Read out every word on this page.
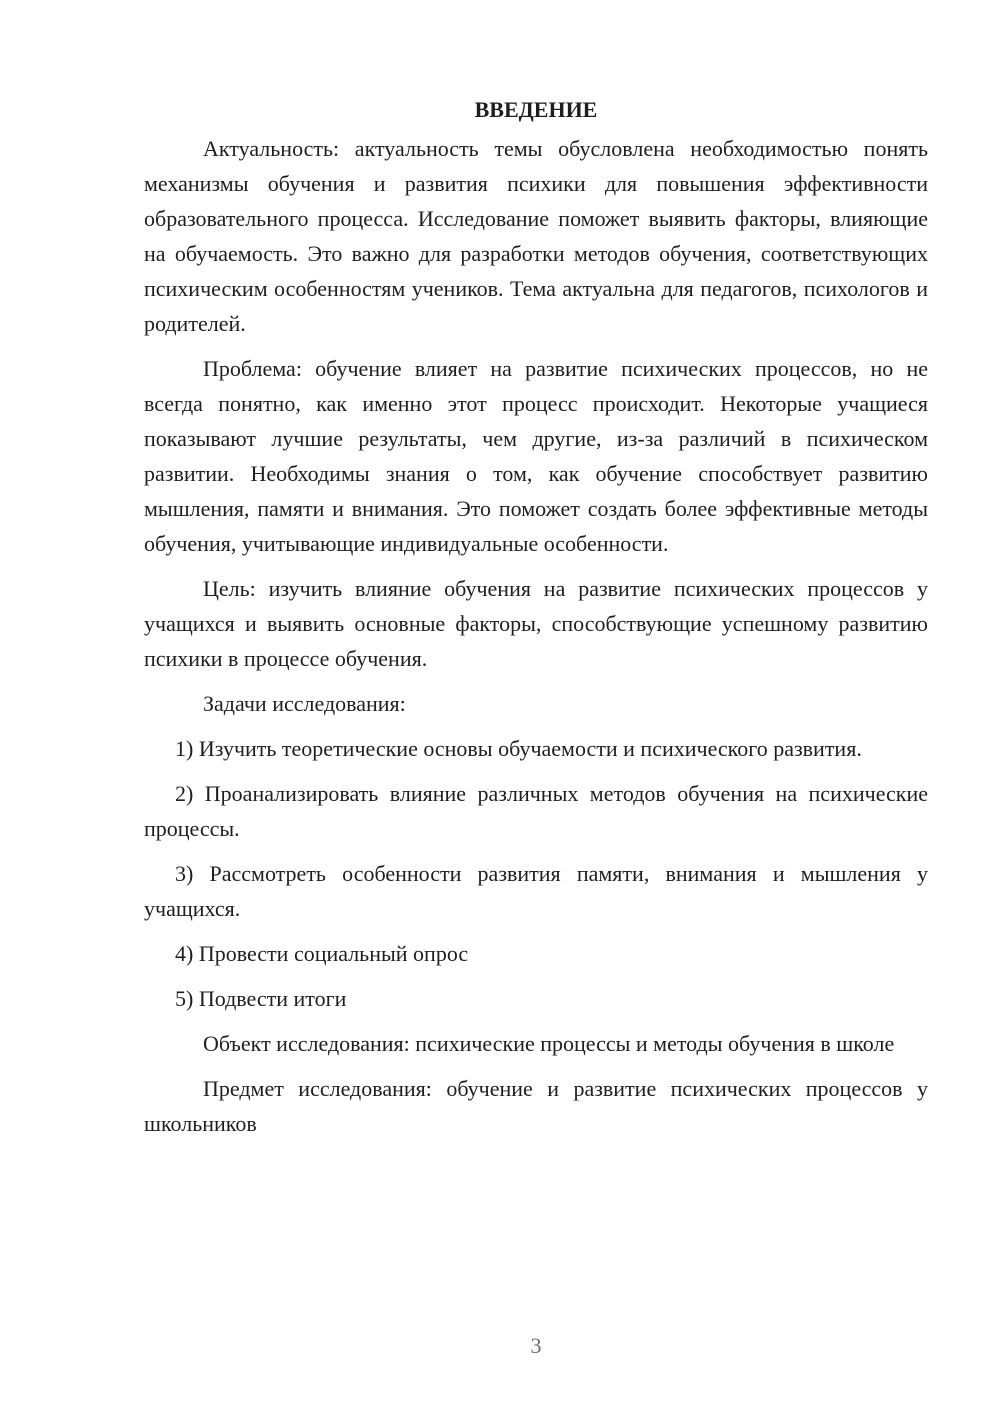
ВВЕДЕНИЕ

Актуальность: актуальность темы обусловлена необходимостью понять механизмы обучения и развития психики для повышения эффективности образовательного процесса. Исследование поможет выявить факторы, влияющие на обучаемость. Это важно для разработки методов обучения, соответствующих психическим особенностям учеников. Тема актуальна для педагогов, психологов и родителей.

Проблема: обучение влияет на развитие психических процессов, но не всегда понятно, как именно этот процесс происходит. Некоторые учащиеся показывают лучшие результаты, чем другие, из-за различий в психическом развитии. Необходимы знания о том, как обучение способствует развитию мышления, памяти и внимания. Это поможет создать более эффективные методы обучения, учитывающие индивидуальные особенности.

Цель: изучить влияние обучения на развитие психических процессов у учащихся и выявить основные факторы, способствующие успешному развитию психики в процессе обучения.

Задачи исследования:

1) Изучить теоретические основы обучаемости и психического развития.

2) Проанализировать влияние различных методов обучения на психические процессы.

3) Рассмотреть особенности развития памяти, внимания и мышления у учащихся.

4) Провести социальный опрос

5) Подвести итоги

Объект исследования: психические процессы и методы обучения в школе

Предмет исследования: обучение и развитие психических процессов у школьников

3
